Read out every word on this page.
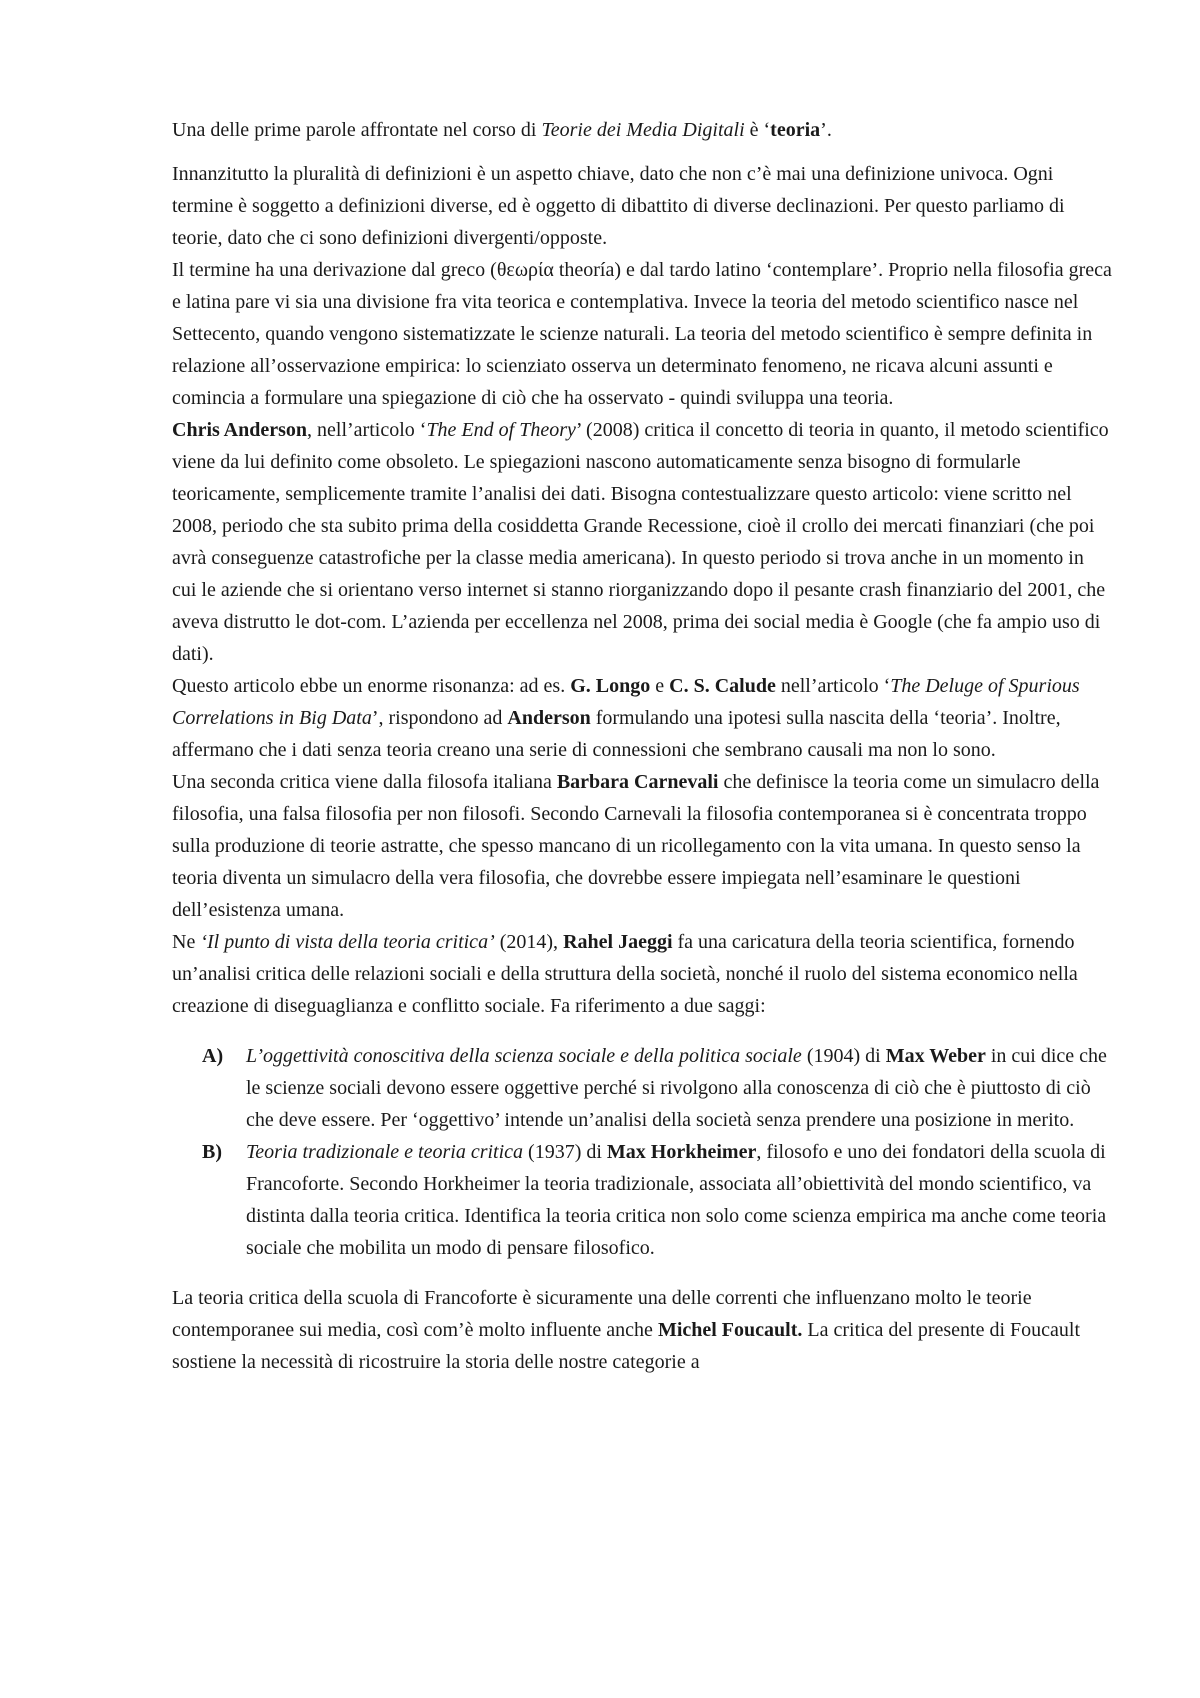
Una delle prime parole affrontate nel corso di Teorie dei Media Digitali è ‘teoria’.

Innanzitutto la pluralità di definizioni è un aspetto chiave, dato che non c’è mai una definizione univoca. Ogni termine è soggetto a definizioni diverse, ed è oggetto di dibattito di diverse declinazioni. Per questo parliamo di teorie, dato che ci sono definizioni divergenti/opposte.

Il termine ha una derivazione dal greco (θεωρία theoría) e dal tardo latino ‘contemplare’. Proprio nella filosofia greca e latina pare vi sia una divisione fra vita teorica e contemplativa. Invece la teoria del metodo scientifico nasce nel Settecento, quando vengono sistematizzate le scienze naturali. La teoria del metodo scientifico è sempre definita in relazione all’osservazione empirica: lo scienziato osserva un determinato fenomeno, ne ricava alcuni assunti e comincia a formulare una spiegazione di ciò che ha osservato - quindi sviluppa una teoria.

Chris Anderson, nell’articolo ‘The End of Theory’ (2008) critica il concetto di teoria in quanto, il metodo scientifico viene da lui definito come obsoleto. Le spiegazioni nascono automaticamente senza bisogno di formularle teoricamente, semplicemente tramite l’analisi dei dati. Bisogna contestualizzare questo articolo: viene scritto nel 2008, periodo che sta subito prima della cosiddetta Grande Recessione, cioè il crollo dei mercati finanziari (che poi avrà conseguenze catastrofiche per la classe media americana). In questo periodo si trova anche in un momento in cui le aziende che si orientano verso internet si stanno riorganizzando dopo il pesante crash finanziario del 2001, che aveva distrutto le dot-com. L’azienda per eccellenza nel 2008, prima dei social media è Google (che fa ampio uso di dati).

Questo articolo ebbe un enorme risonanza: ad es. G. Longo e C. S. Calude nell’articolo ‘The Deluge of Spurious Correlations in Big Data’, rispondono ad Anderson formulando una ipotesi sulla nascita della ‘teoria’. Inoltre, affermano che i dati senza teoria creano una serie di connessioni che sembrano causali ma non lo sono.

Una seconda critica viene dalla filosofa italiana Barbara Carnevali che definisce la teoria come un simulacro della filosofia, una falsa filosofia per non filosofi. Secondo Carnevali la filosofia contemporanea si è concentrata troppo sulla produzione di teorie astratte, che spesso mancano di un ricollegamento con la vita umana. In questo senso la teoria diventa un simulacro della vera filosofia, che dovrebbe essere impiegata nell’esaminare le questioni dell’esistenza umana.

Ne ‘Il punto di vista della teoria critica’ (2014), Rahel Jaeggi fa una caricatura della teoria scientifica, fornendo un’analisi critica delle relazioni sociali e della struttura della società, nonché il ruolo del sistema economico nella creazione di diseguaglianza e conflitto sociale. Fa riferimento a due saggi:

A) L’oggettività conoscitiva della scienza sociale e della politica sociale (1904) di Max Weber in cui dice che le scienze sociali devono essere oggettive perché si rivolgono alla conoscenza di ciò che è piuttosto di ciò che deve essere. Per ‘oggettivo’ intende un’analisi della società senza prendere una posizione in merito.
B) Teoria tradizionale e teoria critica (1937) di Max Horkheimer, filosofo e uno dei fondatori della scuola di Francoforte. Secondo Horkheimer la teoria tradizionale, associata all’obiettività del mondo scientifico, va distinta dalla teoria critica. Identifica la teoria critica non solo come scienza empirica ma anche come teoria sociale che mobilita un modo di pensare filosofico.

La teoria critica della scuola di Francoforte è sicuramente una delle correnti che influenzano molto le teorie contemporanee sui media, così com’è molto influente anche Michel Foucault. La critica del presente di Foucault sostiene la necessità di ricostruire la storia delle nostre categorie a
